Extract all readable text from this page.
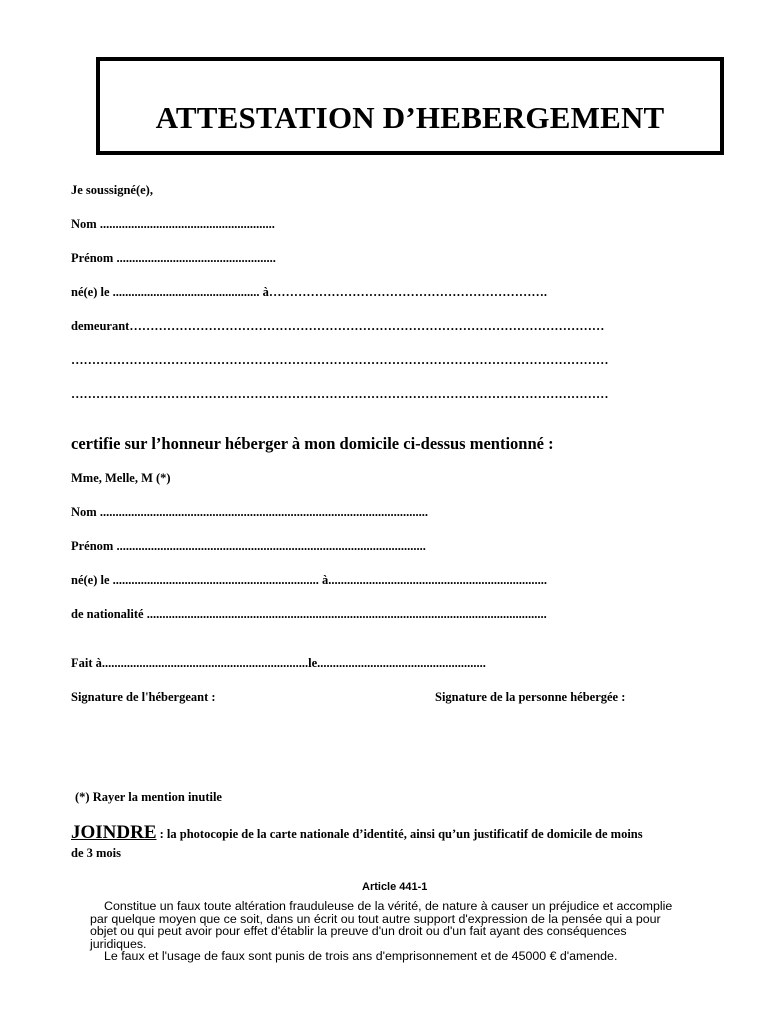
ATTESTATION D’HEBERGEMENT
Je soussigné(e),
Nom ........................................................
Prénom ...................................................
né(e) le ............................................... à………………………………………………………….
demeurant……………………………………………………………………………………………………
…………………………………………………………………………………………………………………
…………………………………………………………………………………………………………………
certifie sur l’honneur héberger à mon domicile ci-dessus mentionné :
Mme, Melle, M (*)
Nom .........................................................................................................
Prénom ...................................................................................................
né(e) le .................................................................. à......................................................................
de nationalité ................................................................................................................................
Fait à..................................................................le......................................................
Signature de l'hébergeant :	Signature de la personne hébergée :
(*) Rayer la mention inutile
JOINDRE : la photocopie de la carte nationale d’identité, ainsi qu’un justificatif de domicile de moins
de 3 mois
Article 441-1

Constitue un faux toute altération frauduleuse de la vérité, de nature à causer un préjudice et accomplie

par quelque moyen que ce soit, dans un écrit ou tout autre support d'expression de la pensée qui a pour

objet ou qui peut avoir pour effet d'établir la preuve d'un droit ou d'un fait ayant des conséquences

juridiques.

Le faux et l'usage de faux sont punis de trois ans d'emprisonnement et de 45000 € d'amende.
